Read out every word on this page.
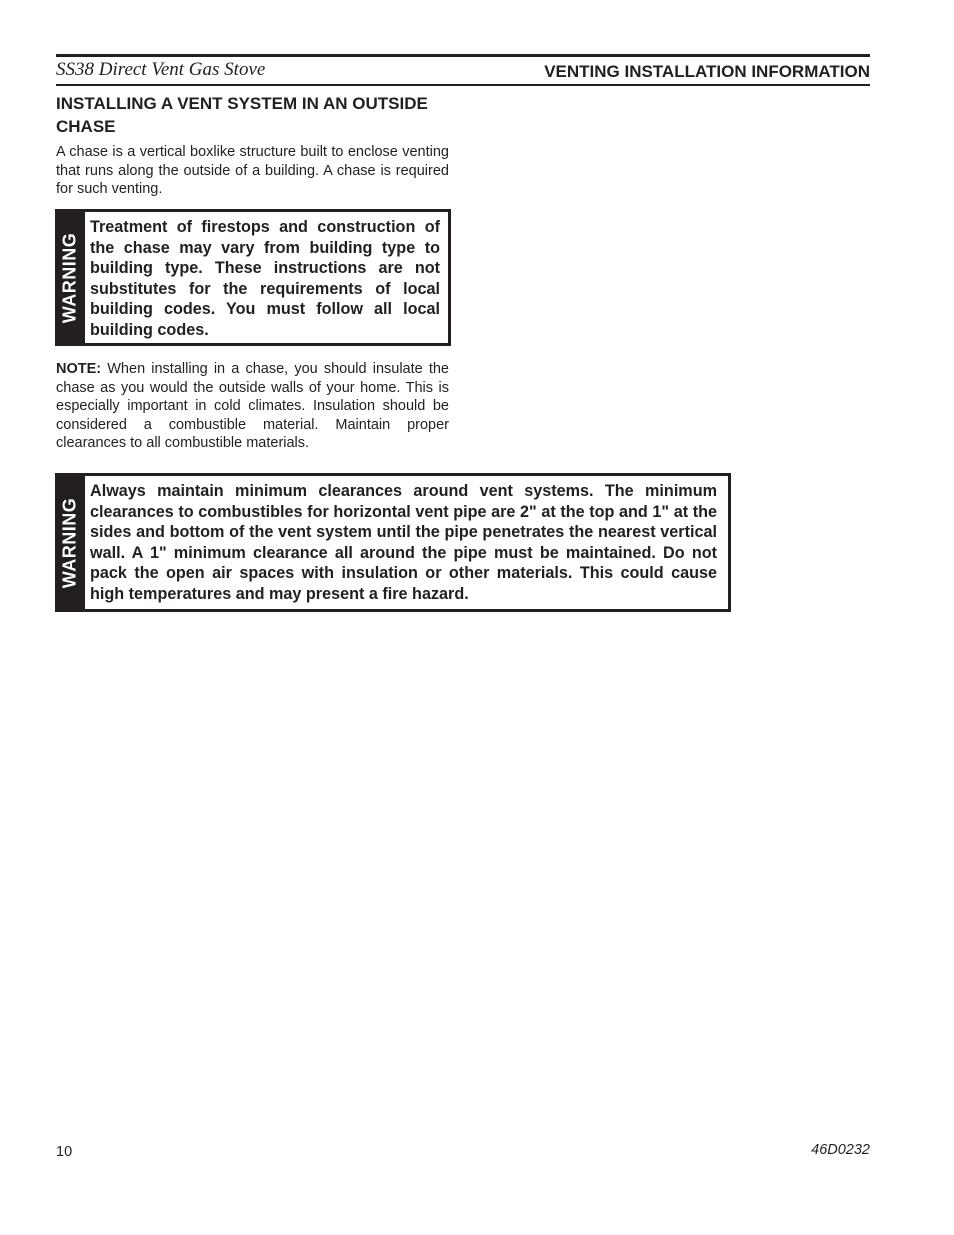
SS38 Direct Vent Gas Stove	VENTING INSTALLATION INFORMATION
INSTALLING A VENT SYSTEM IN AN OUTSIDE CHASE

A chase is a vertical boxlike structure built to enclose venting that runs along the outside of a building. A chase is required for such venting.

WARNING

Treatment of firestops and construction of the chase may vary from building type to building type. These instructions are not substitutes for the requirements of local building codes. You must follow all local building codes.

NOTE: When installing in a chase, you should insulate the chase as you would the outside walls of your home. This is especially important in cold climates. Insulation should be considered a combustible material. Maintain proper clearances to all combustible materials.

WARNING

Always maintain minimum clearances around vent systems. The minimum clearances to combustibles for horizontal vent pipe are 2" at the top and 1" at the sides and bottom of the vent system until the pipe penetrates the nearest vertical wall. A 1" minimum clearance all around the pipe must be maintained. Do not pack the open air spaces with insulation or other materials. This could cause high temperatures and may present a fire hazard.

10	46D0232
